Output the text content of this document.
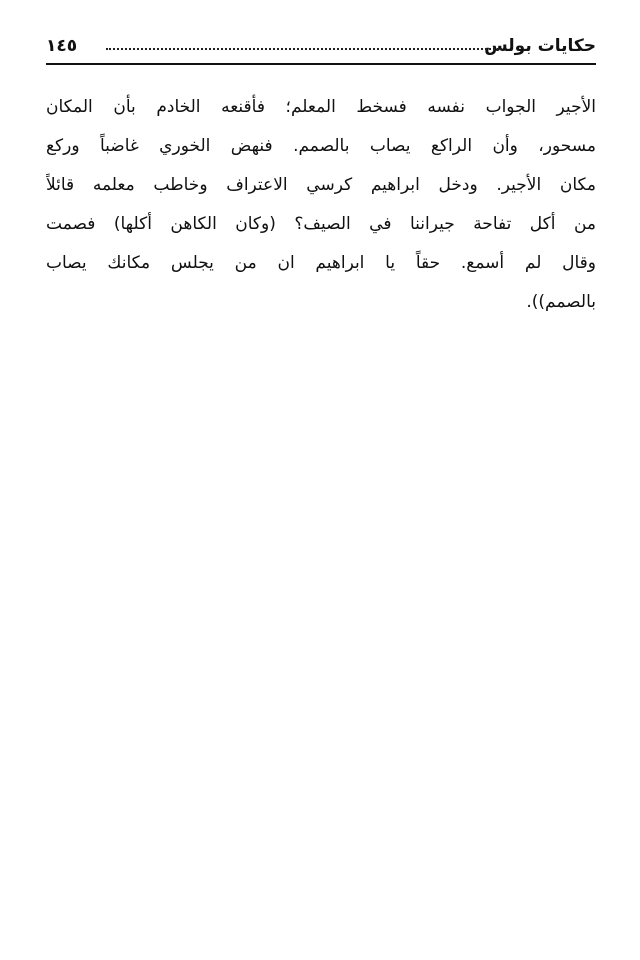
حكايات بولس
١٤٥
الأجير الجواب نفسه فسخط المعلم؛ فأقنعه الخادم بأن المكان
مسحور، وأن الراكع يصاب بالصمم. فنهض الخوري غاضباً وركع
مكان الأجير. ودخل ابراهيم كرسي الاعتراف وخاطب معلمه قائلاً
من أكل تفاحة جيراننا في الصيف؟ (وكان الكاهن أكلها) فصمت
وقال لم أسمع. حقاً يا ابراهيم ان من يجلس مكانك يصاب
بالصمم)).
